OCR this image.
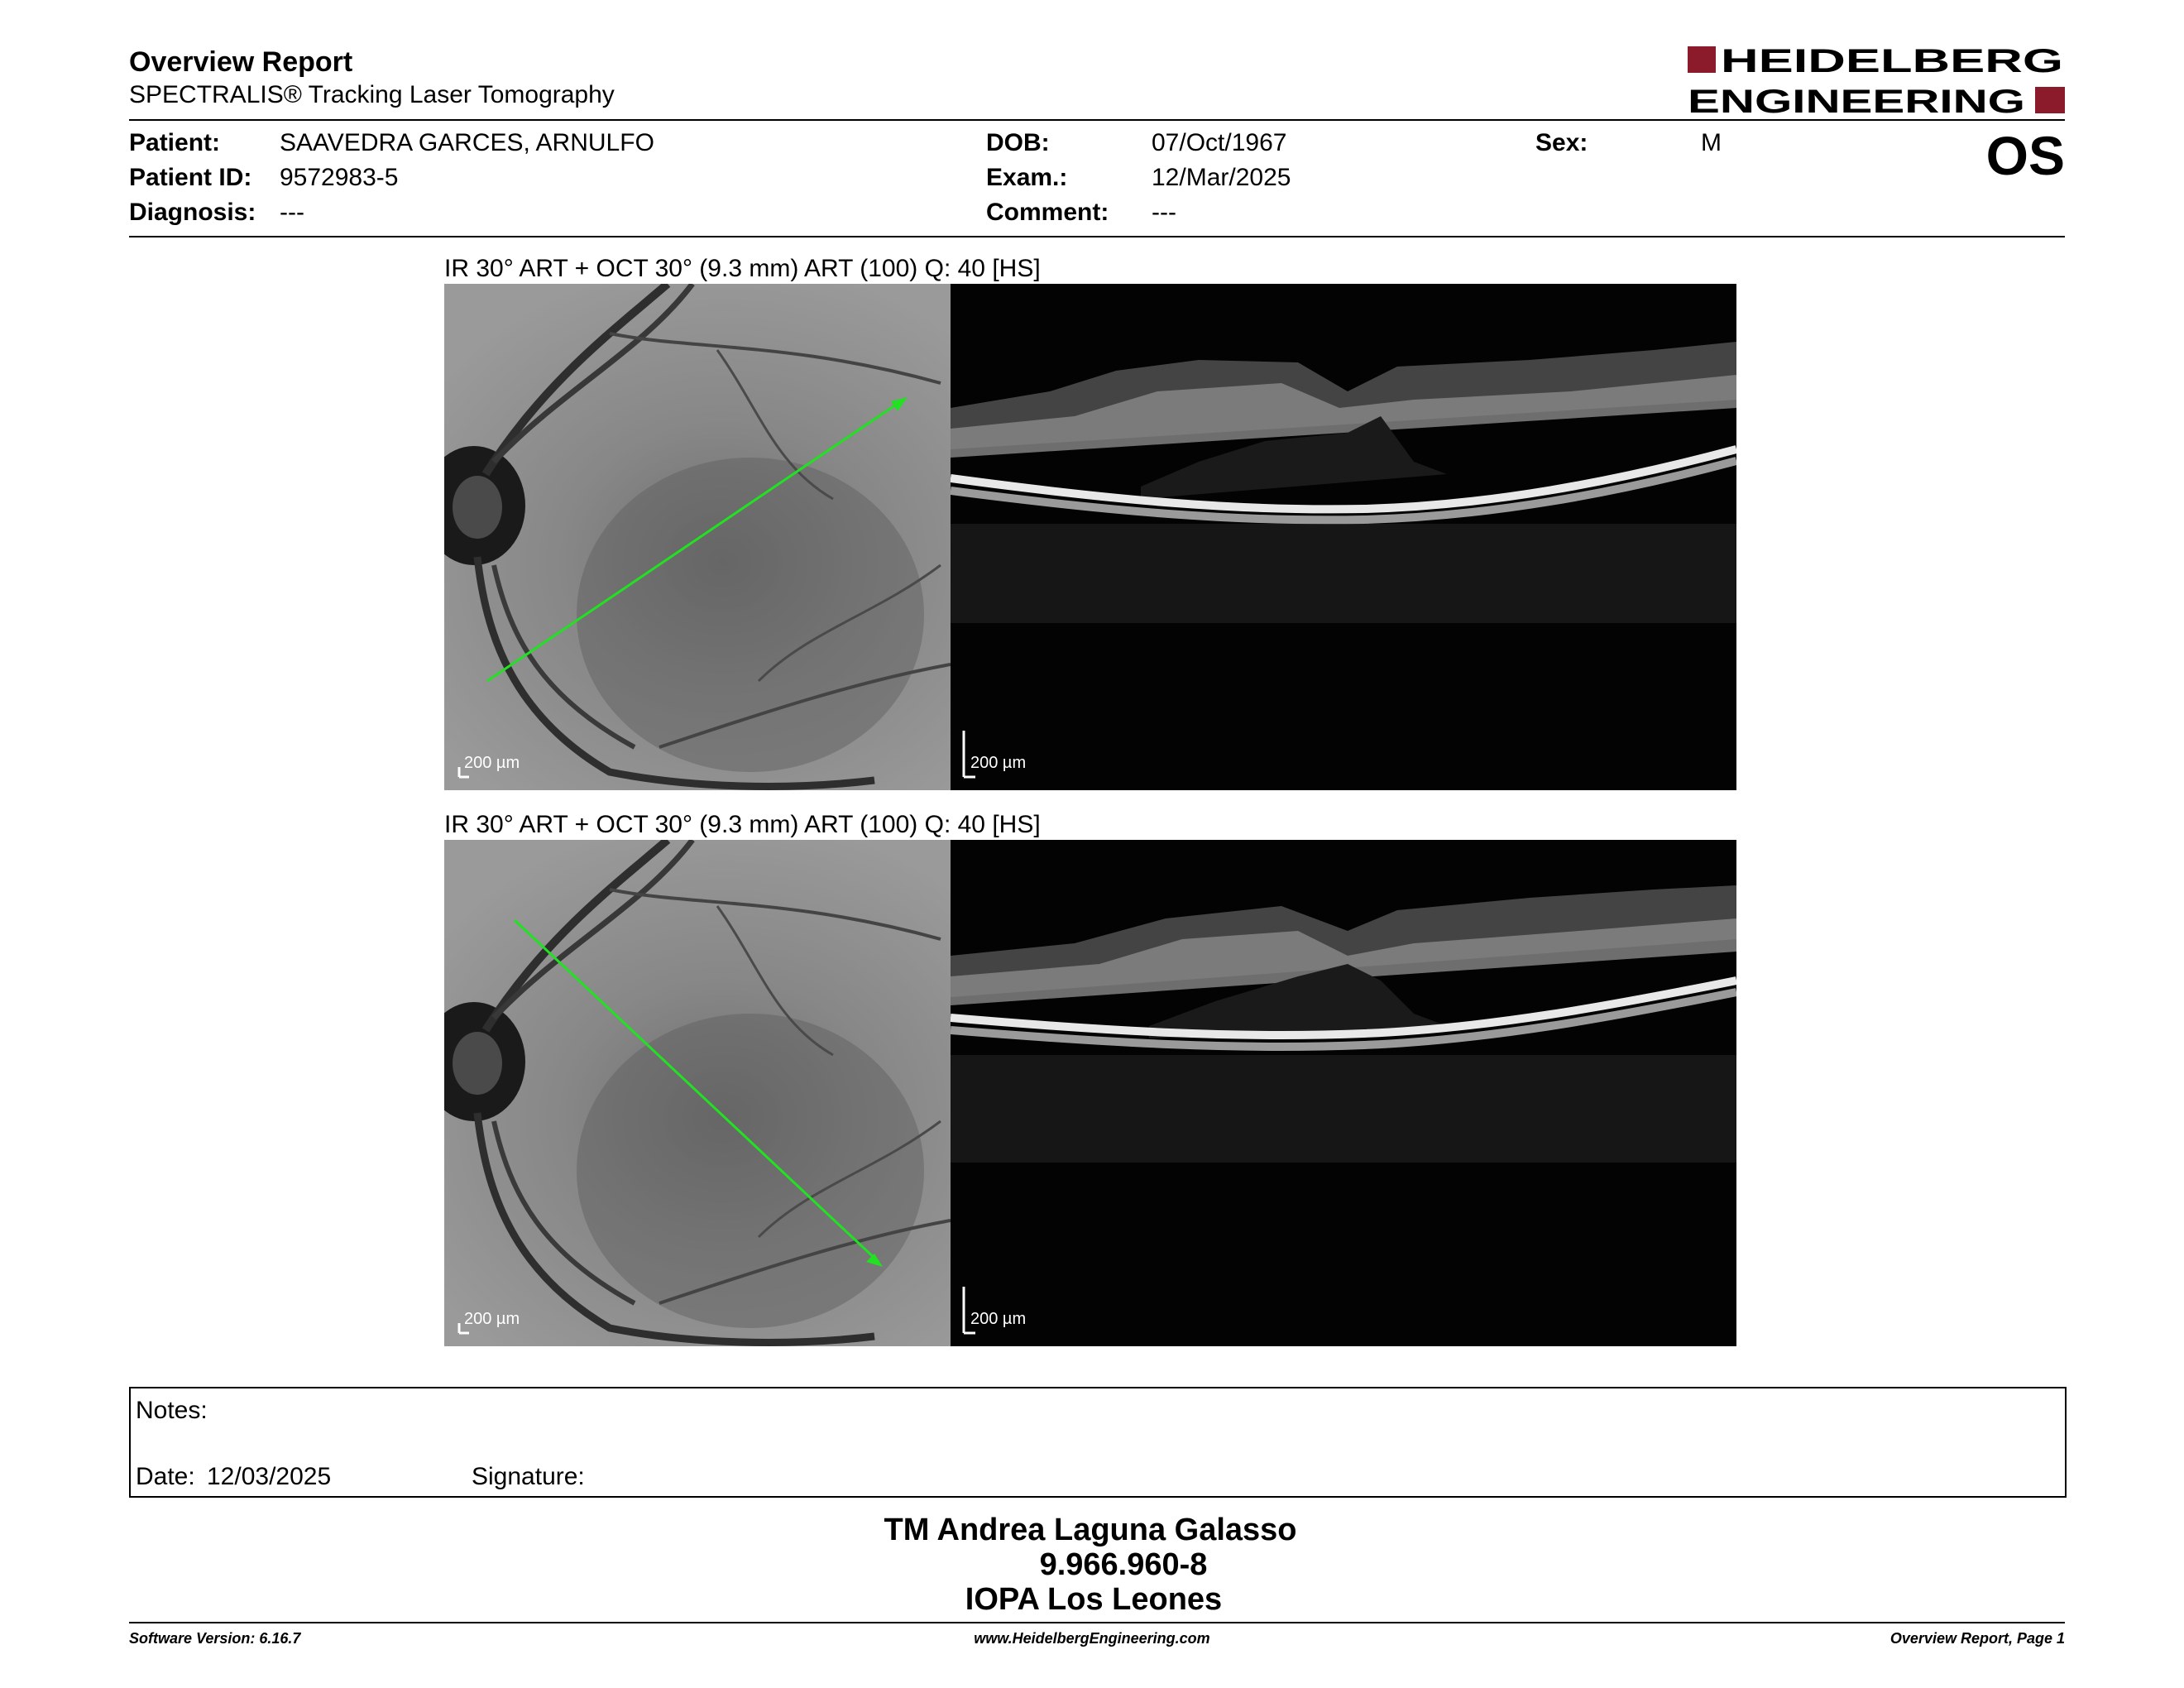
Overview Report
SPECTRALIS® Tracking Laser Tomography
HEIDELBERG
ENGINEERING
Patient: SAAVEDRA GARCES, ARNULFO
Patient ID: 9572983-5
Diagnosis: ---
DOB:	07/Oct/1967
Exam.:	12/Mar/2025
Comment: ---
Sex:	M	OS
IR 30° ART + OCT 30° (9.3 mm) ART (100) Q: 40 [HS]
200 µm	200 µm
IR 30° ART + OCT 30° (9.3 mm) ART (100) Q: 40 [HS]
200 µm	200 µm
Notes:
Date: 12/03/2025	Signature:
TM Andrea Laguna Galasso
9.966.960-8
IOPA Los Leones
Software Version: 6.16.7	www.HeidelbergEngineering.com	Overview Report, Page 1
